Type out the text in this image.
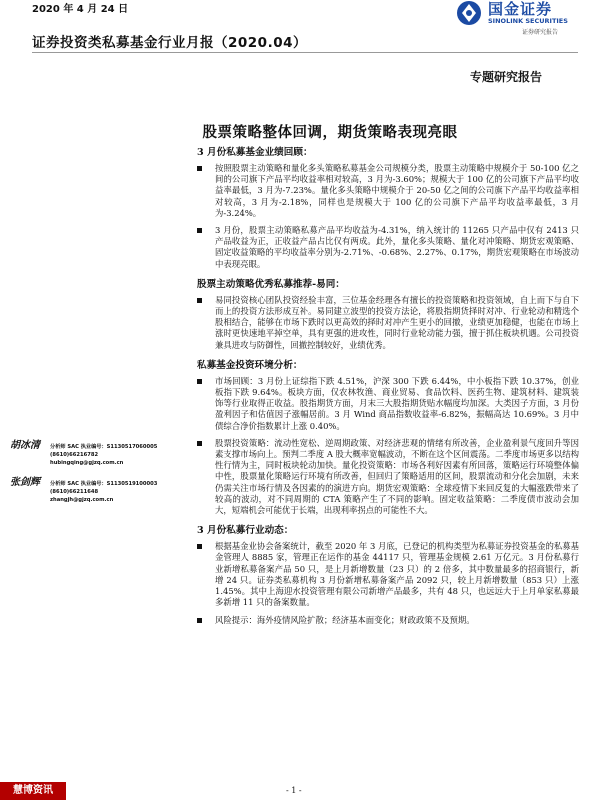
2020 年 4 月 24 日	国金证券
SINOLINK SECURITIES
证券研究报告
证券投资类私募基金行业月报（2020.04）
专题研究报告
股票策略整体回调，期货策略表现亮眼
胡冰清	分析师 SAC 执业编号：S1130517060005
(8610)66216782
hubingqing@gjzq.com.cn
张剑辉	分析师 SAC 执业编号：S1130519100003
(8610)66211648
zhangjh@gjzq.com.cn
3 月份私募基金业绩回顾：
按照股票主动策略和量化多头策略私募基金公司规模分类，股票主动策略中规模介于 50-100 亿之间的公司旗下产品平均收益率相对较高，3 月为-3.60%；规模大于 100 亿的公司旗下产品平均收益率最低，3 月为-7.23%。量化多头策略中规模介于 20-50 亿之间的公司旗下产品平均收益率相对较高，3 月为-2.18%，同样也是规模大于 100 亿的公司旗下产品平均收益率最低，3 月为-3.24%。
3 月份，股票主动策略私募产品平均收益为-4.31%，纳入统计的 11265 只产品中仅有 2413 只产品收益为正，正收益产品占比仅有两成。此外，量化多头策略、量化对冲策略、期货宏观策略、固定收益策略的平均收益率分别为-2.71%、-0.68%、2.27%、0.17%，期货宏观策略在市场波动中表现亮眼。
股票主动策略优秀私募推荐-易同：
易同投资核心团队投资经验丰富，三位基金经理各有擅长的投资策略和投资领域，自上而下与自下而上的投资方法形成互补。易同建立波型的投资方法论，将股指期货择时对冲、行业轮动和精选个股相结合，能够在市场下跌时以更高效的择时对冲产生更小的回撤，业绩更加稳健，也能在市场上涨时更快速地平掉空单，具有更强的进攻性，同时行业轮动能力强，擅于抓住板块机遇。公司投资兼具进攻与防御性，回撤控制较好，业绩优秀。
私募基金投资环境分析：
市场回顾：3 月份上证综指下跌 4.51%，沪深 300 下跌 6.44%，中小板指下跌 10.37%，创业板指下跌 9.64%。板块方面，仅农林牧渔、商业贸易、食品饮料、医药生物、建筑材料、建筑装饰等行业取得正收益。股指期货方面，月末三大股指期货贴水幅度均加深。大类因子方面，3 月份盈利因子和估值因子涨幅居前。3 月 Wind 商品指数收益率-6.82%，振幅高达 10.69%。3 月中债综合净价指数累计上涨 0.40%。
股票投资策略：流动性宽松、逆周期政策、对经济悲观的情绪有所改善，企业盈利景气度回升等因素支撑市场向上。预判二季度 A 股大概率宽幅波动，不断在这个区间震荡。二季度市场更多以结构性行情为主，同时板块轮动加快。量化投资策略：市场各利好因素有所回落，策略运行环境整体偏中性，股票量化策略运行环境有所改善，但回归了策略适用的区间，股票流动和分化会加剧，未来仍需关注市场行情及各因素的的演进方向。期货宏观策略：全球疫情下来回反复的大幅涨跌带来了较高的波动，对不同周期的 CTA 策略产生了不同的影响。固定收益策略：二季度债市波动会加大，短端机会可能优于长端，出现利率拐点的可能性不大。
3 月份私募行业动态：
根据基金业协会备案统计，截至 2020 年 3 月底，已登记的机构类型为私募证券投资基金的私募基金管理人 8885 家，管理正在运作的基金 44117 只，管理基金规模 2.61 万亿元。3 月份私募行业新增私募备案产品 50 只，是上月新增数量（23 只）的 2 倍多，其中数量最多的招商银行，新增 24 只。证券类私募机构 3 月份新增私募备案产品 2092 只，较上月新增数量（853 只）上涨 1.45%。其中上海迎水投资管理有限公司新增产品最多，共有 48 只，也远远大于上月单家私募最多新增 11 只的备案数量。
风险提示：海外疫情风险扩散；经济基本面变化；财政政策不及预期。
慧博资讯	- 1 -
